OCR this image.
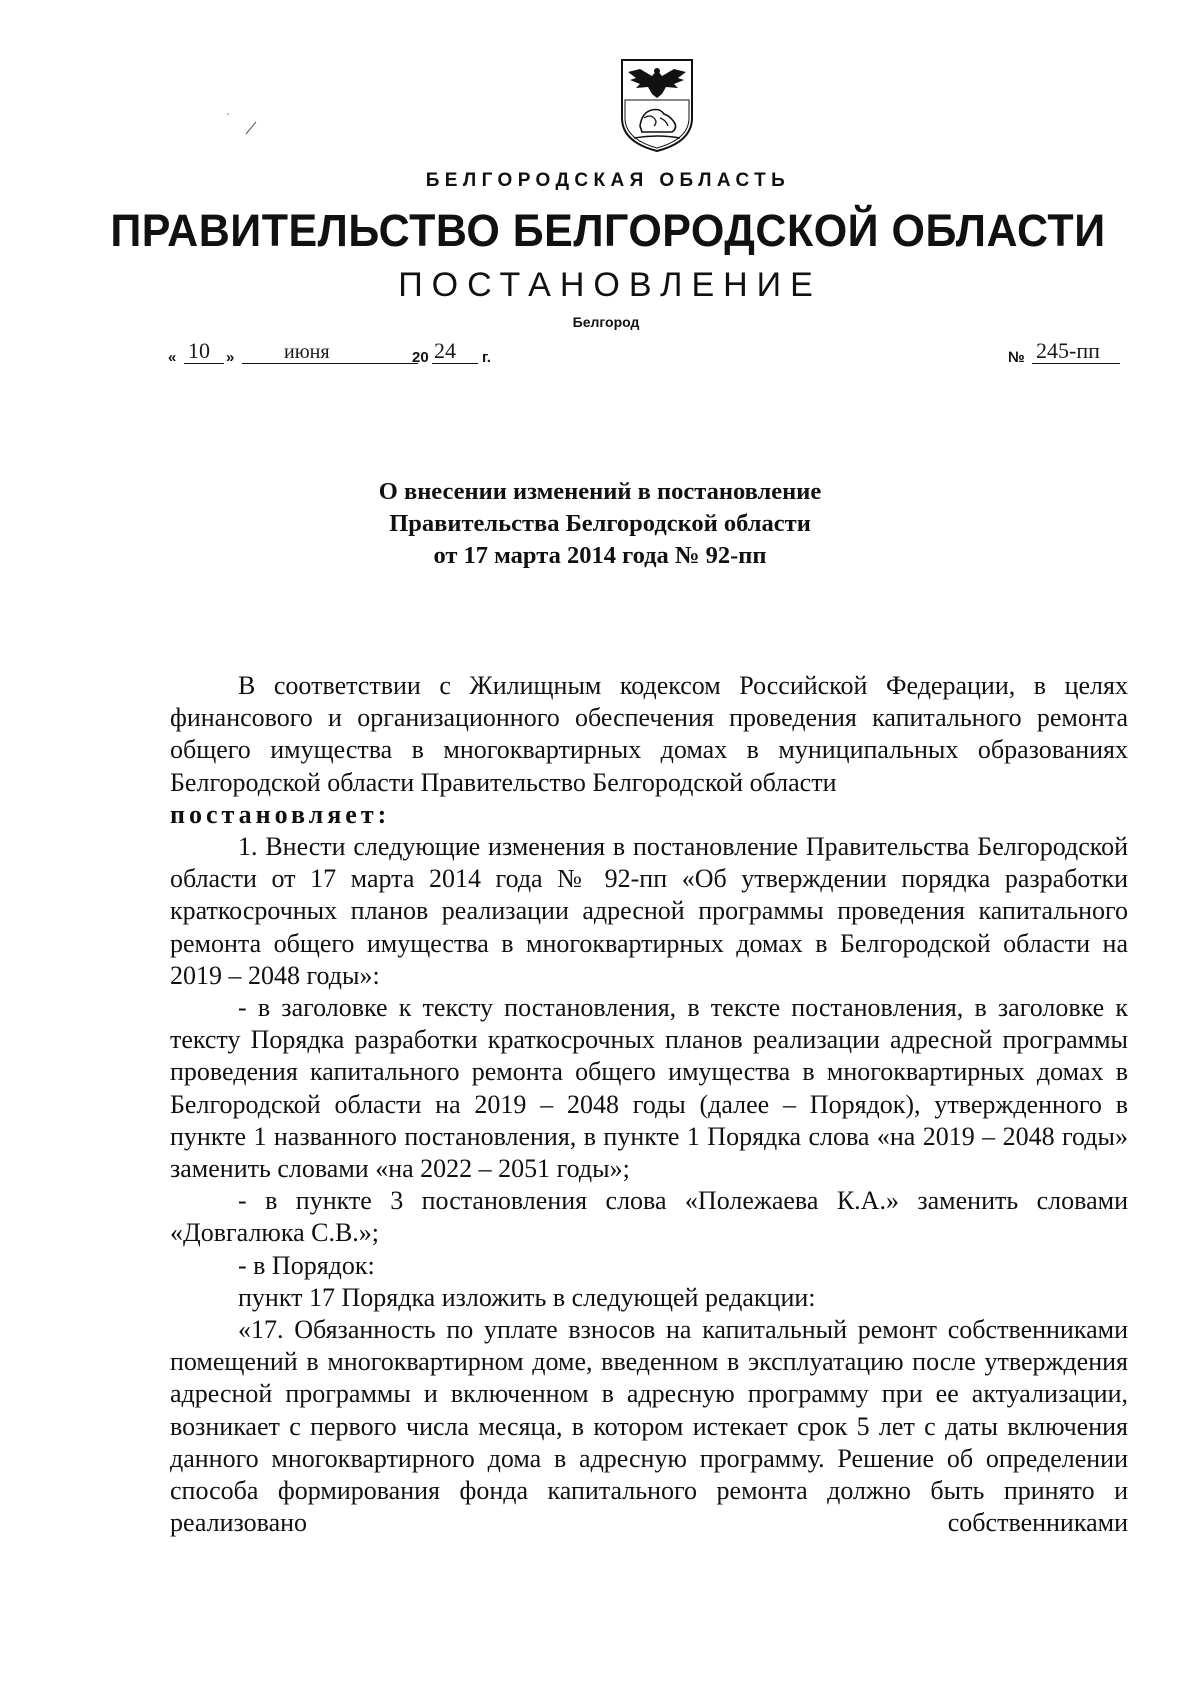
БЕЛГОРОДСКАЯ ОБЛАСТЬ
ПРАВИТЕЛЬСТВО БЕЛГОРОДСКОЙ ОБЛАСТИ
ПОСТАНОВЛЕНИЕ
Белгород
« 10 » июня	20 24 г.	№ 245-пп
О внесении изменений в постановление
Правительства Белгородской области
от 17 марта 2014 года № 92-пп

В соответствии с Жилищным кодексом Российской Федерации, в целях финансового и организационного обеспечения проведения капитального ремонта общего имущества в многоквартирных домах в муниципальных образованиях Белгородской области Правительство Белгородской области

постановляет:

1. Внести следующие изменения в постановление Правительства Белгородской области от 17 марта 2014 года № 92-пп «Об утверждении порядка разработки краткосрочных планов реализации адресной программы проведения капитального ремонта общего имущества в многоквартирных домах в Белгородской области на 2019 – 2048 годы»:

- в заголовке к тексту постановления, в тексте постановления, в заголовке к тексту Порядка разработки краткосрочных планов реализации адресной программы проведения капитального ремонта общего имущества в многоквартирных домах в Белгородской области на 2019 – 2048 годы (далее – Порядок), утвержденного в пункте 1 названного постановления, в пункте 1 Порядка слова «на 2019 – 2048 годы» заменить словами «на 2022 – 2051 годы»;

- в пункте 3 постановления слова «Полежаева К.А.» заменить словами «Довгалюка С.В.»;

- в Порядок:

пункт 17 Порядка изложить в следующей редакции:

«17. Обязанность по уплате взносов на капитальный ремонт собственниками помещений в многоквартирном доме, введенном в эксплуатацию после утверждения адресной программы и включенном в адресную программу при ее актуализации, возникает с первого числа месяца, в котором истекает срок 5 лет с даты включения данного многоквартирного дома в адресную программу. Решение об определении способа формирования фонда капитального ремонта должно быть принято и реализовано собственниками
